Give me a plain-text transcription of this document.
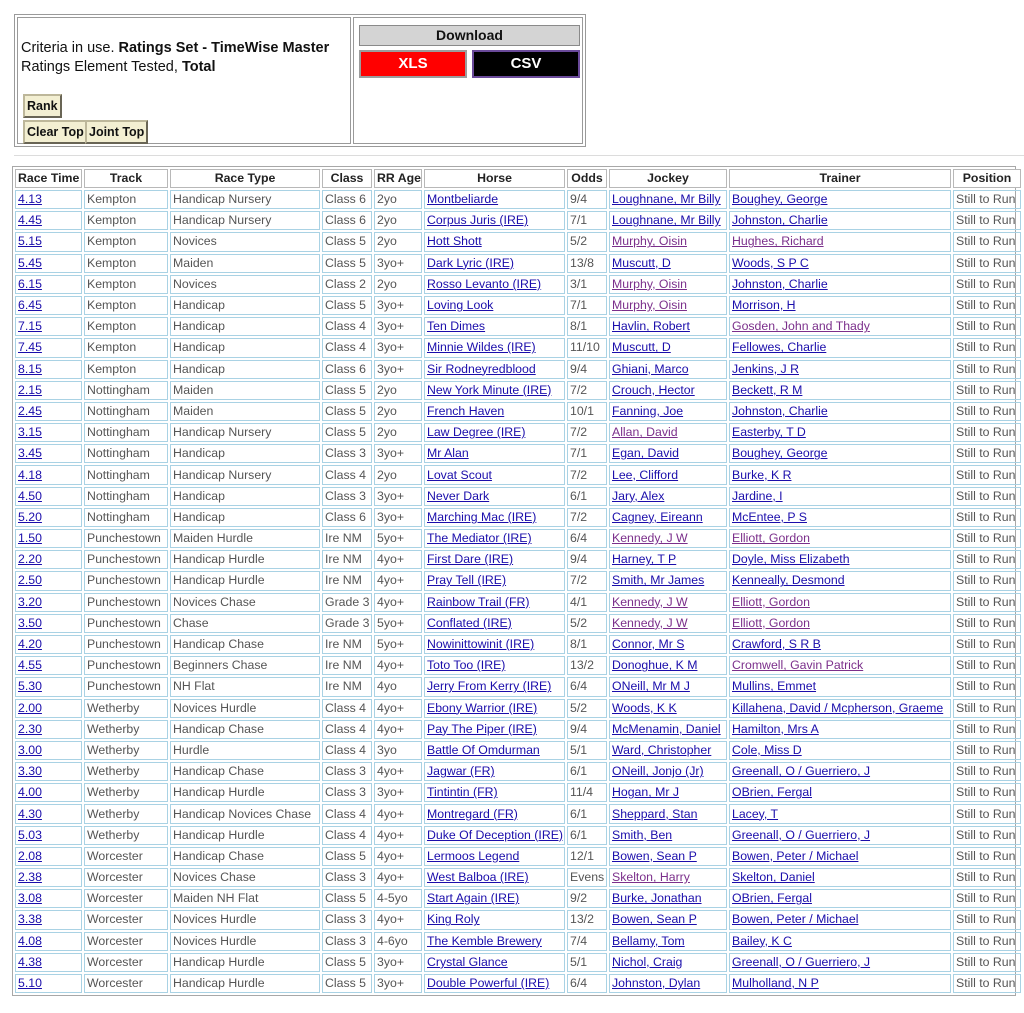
Criteria in use. Ratings Set - TimeWise Master
Ratings Element Tested, Total
Rank
Clear Top Joint Top

Download
XLS	CSV
Race Time	Track	Race Type	Class	RR Age	Horse	Odds	Jockey	Trainer	Position
4.13	Kempton	Handicap Nursery	Class 6	2yo	Montbeliarde	9/4	Loughnane, Mr Billy	Boughey, George	Still to Run
4.45	Kempton	Handicap Nursery	Class 6	2yo	Corpus Juris (IRE)	7/1	Loughnane, Mr Billy	Johnston, Charlie	Still to Run
5.15	Kempton	Novices	Class 5	2yo	Hott Shott	5/2	Murphy, Oisin	Hughes, Richard	Still to Run
5.45	Kempton	Maiden	Class 5	3yo+	Dark Lyric (IRE)	13/8	Muscutt, D	Woods, S P C	Still to Run
6.15	Kempton	Novices	Class 2	2yo	Rosso Levanto (IRE)	3/1	Murphy, Oisin	Johnston, Charlie	Still to Run
6.45	Kempton	Handicap	Class 5	3yo+	Loving Look	7/1	Murphy, Oisin	Morrison, H	Still to Run
7.15	Kempton	Handicap	Class 4	3yo+	Ten Dimes	8/1	Havlin, Robert	Gosden, John and Thady	Still to Run
7.45	Kempton	Handicap	Class 4	3yo+	Minnie Wildes (IRE)	11/10	Muscutt, D	Fellowes, Charlie	Still to Run
8.15	Kempton	Handicap	Class 6	3yo+	Sir Rodneyredblood	9/4	Ghiani, Marco	Jenkins, J R	Still to Run
2.15	Nottingham	Maiden	Class 5	2yo	New York Minute (IRE)	7/2	Crouch, Hector	Beckett, R M	Still to Run
2.45	Nottingham	Maiden	Class 5	2yo	French Haven	10/1	Fanning, Joe	Johnston, Charlie	Still to Run
3.15	Nottingham	Handicap Nursery	Class 5	2yo	Law Degree (IRE)	7/2	Allan, David	Easterby, T D	Still to Run
3.45	Nottingham	Handicap	Class 3	3yo+	Mr Alan	7/1	Egan, David	Boughey, George	Still to Run
4.18	Nottingham	Handicap Nursery	Class 4	2yo	Lovat Scout	7/2	Lee, Clifford	Burke, K R	Still to Run
4.50	Nottingham	Handicap	Class 3	3yo+	Never Dark	6/1	Jary, Alex	Jardine, I	Still to Run
5.20	Nottingham	Handicap	Class 6	3yo+	Marching Mac (IRE)	7/2	Cagney, Eireann	McEntee, P S	Still to Run
1.50	Punchestown	Maiden Hurdle	Ire NM	5yo+	The Mediator (IRE)	6/4	Kennedy, J W	Elliott, Gordon	Still to Run
2.20	Punchestown	Handicap Hurdle	Ire NM	4yo+	First Dare (IRE)	9/4	Harney, T P	Doyle, Miss Elizabeth	Still to Run
2.50	Punchestown	Handicap Hurdle	Ire NM	4yo+	Pray Tell (IRE)	7/2	Smith, Mr James	Kenneally, Desmond	Still to Run
3.20	Punchestown	Novices Chase	Grade 3	4yo+	Rainbow Trail (FR)	4/1	Kennedy, J W	Elliott, Gordon	Still to Run
3.50	Punchestown	Chase	Grade 3	5yo+	Conflated (IRE)	5/2	Kennedy, J W	Elliott, Gordon	Still to Run
4.20	Punchestown	Handicap Chase	Ire NM	5yo+	Nowinittowinit (IRE)	8/1	Connor, Mr S	Crawford, S R B	Still to Run
4.55	Punchestown	Beginners Chase	Ire NM	4yo+	Toto Too (IRE)	13/2	Donoghue, K M	Cromwell, Gavin Patrick	Still to Run
5.30	Punchestown	NH Flat	Ire NM	4yo	Jerry From Kerry (IRE)	6/4	ONeill, Mr M J	Mullins, Emmet	Still to Run
2.00	Wetherby	Novices Hurdle	Class 4	4yo+	Ebony Warrior (IRE)	5/2	Woods, K K	Killahena, David / Mcpherson, Graeme	Still to Run
2.30	Wetherby	Handicap Chase	Class 4	4yo+	Pay The Piper (IRE)	9/4	McMenamin, Daniel	Hamilton, Mrs A	Still to Run
3.00	Wetherby	Hurdle	Class 4	3yo	Battle Of Omdurman	5/1	Ward, Christopher	Cole, Miss D	Still to Run
3.30	Wetherby	Handicap Chase	Class 3	4yo+	Jagwar (FR)	6/1	ONeill, Jonjo (Jr)	Greenall, O / Guerriero, J	Still to Run
4.00	Wetherby	Handicap Hurdle	Class 3	3yo+	Tintintin (FR)	11/4	Hogan, Mr J	OBrien, Fergal	Still to Run
4.30	Wetherby	Handicap Novices Chase	Class 4	4yo+	Montregard (FR)	6/1	Sheppard, Stan	Lacey, T	Still to Run
5.03	Wetherby	Handicap Hurdle	Class 4	4yo+	Duke Of Deception (IRE)	6/1	Smith, Ben	Greenall, O / Guerriero, J	Still to Run
2.08	Worcester	Handicap Chase	Class 5	4yo+	Lermoos Legend	12/1	Bowen, Sean P	Bowen, Peter / Michael	Still to Run
2.38	Worcester	Novices Chase	Class 3	4yo+	West Balboa (IRE)	Evens	Skelton, Harry	Skelton, Daniel	Still to Run
3.08	Worcester	Maiden NH Flat	Class 5	4-5yo	Start Again (IRE)	9/2	Burke, Jonathan	OBrien, Fergal	Still to Run
3.38	Worcester	Novices Hurdle	Class 3	4yo+	King Roly	13/2	Bowen, Sean P	Bowen, Peter / Michael	Still to Run
4.08	Worcester	Novices Hurdle	Class 3	4-6yo	The Kemble Brewery	7/4	Bellamy, Tom	Bailey, K C	Still to Run
4.38	Worcester	Handicap Hurdle	Class 5	3yo+	Crystal Glance	5/1	Nichol, Craig	Greenall, O / Guerriero, J	Still to Run
5.10	Worcester	Handicap Hurdle	Class 5	3yo+	Double Powerful (IRE)	6/4	Johnston, Dylan	Mulholland, N P	Still to Run
